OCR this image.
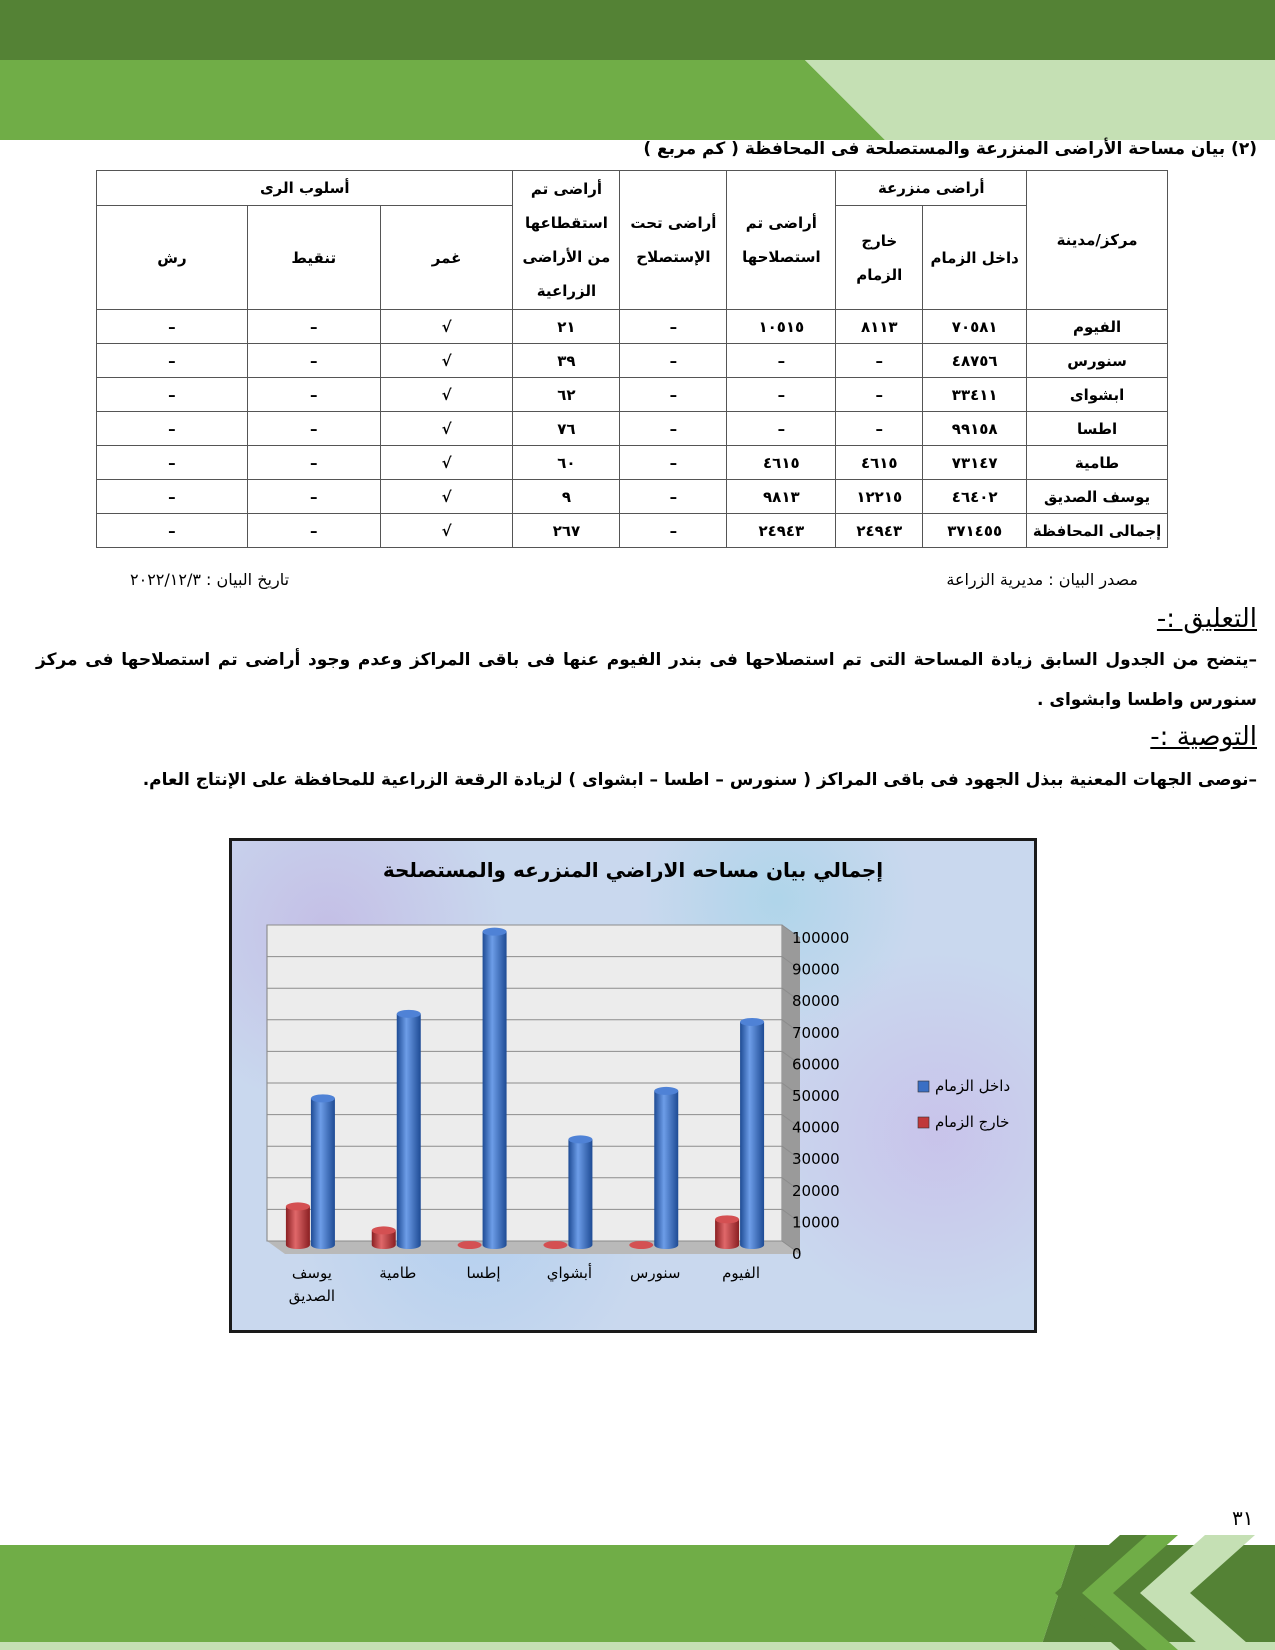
(٢) بيان مساحة الأراضى المنزرعة والمستصلحة فى المحافظة ( كم مربع )
مركز/مدينة	أراضى منزرعة		أراضى تم استصلاحها	أراضى تحت الإستصلاح	أراضى تم استقطاعها من الأراضى الزراعية	أسلوب الرى		
	داخل الزمام	خارج الزمام				غمر	تنقيط	رش
الفيوم	٧٠٥٨١	٨١١٣	١٠٥١٥	–	٢١	√	–	–
سنورس	٤٨٧٥٦	–	–	–	٣٩	√	–	–
ابشواى	٣٣٤١١	–	–	–	٦٢	√	–	–
اطسا	٩٩١٥٨	–	–	–	٧٦	√	–	–
طامية	٧٣١٤٧	٤٦١٥	٤٦١٥	–	٦٠	√	–	–
يوسف الصديق	٤٦٤٠٢	١٢٢١٥	٩٨١٣	–	٩	√	–	–
إجمالى المحافظة	٣٧١٤٥٥	٢٤٩٤٣	٢٤٩٤٣	–	٢٦٧	√	–	–
مصدر البيان : مديرية الزراعة
تاريخ البيان : ٢٠٢٢/١٢/٣
التعليق :-
–يتضح من الجدول السابق زيادة المساحة التى تم استصلاحها فى بندر الفيوم عنها فى باقى المراكز وعدم وجود أراضى تم استصلاحها فى مركز سنورس واطسا وابشواى .
التوصية :-
–نوصى الجهات المعنية ببذل الجهود فى باقى المراكز ( سنورس – اطسا – ابشواى ) لزيادة الرقعة الزراعية للمحافظة على الإنتاج العام.
إجمالي بيان مساحه الاراضي المنزرعه والمستصلحة
0
10000
20000
30000
40000
50000
60000
70000
80000
90000
100000
يوسف
الصديق
طامية	إطسا	أبشواي	سنورس	الفيوم
داخل الزمام
خارج الزمام
٣١
